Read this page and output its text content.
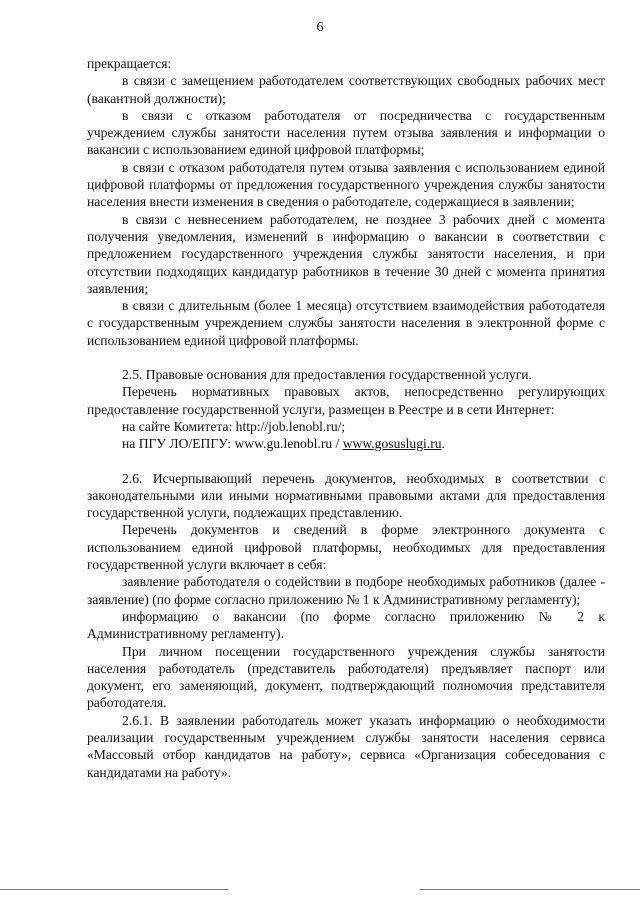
6

прекращается:

в связи с замещением работодателем соответствующих свободных рабочих мест (вакантной должности);

в связи с отказом работодателя от посредничества с государственным учреждением службы занятости населения путем отзыва заявления и информации о вакансии с использованием единой цифровой платформы;

в связи с отказом работодателя путем отзыва заявления с использованием единой цифровой платформы от предложения государственного учреждения службы занятости населения внести изменения в сведения о работодателе, содержащиеся в заявлении;

в связи с невнесением работодателем, не позднее 3 рабочих дней с момента получения уведомления, изменений в информацию о вакансии в соответствии с предложением государственного учреждения службы занятости населения, и при отсутствии подходящих кандидатур работников в течение 30 дней с момента принятия заявления;

в связи с длительным (более 1 месяца) отсутствием взаимодействия работодателя с государственным учреждением службы занятости населения в электронной форме с использованием единой цифровой платформы.

2.5. Правовые основания для предоставления государственной услуги.

Перечень нормативных правовых актов, непосредственно регулирующих предоставление государственной услуги, размещен в Реестре и в сети Интернет:

на сайте Комитета: http://job.lenobl.ru/;

на ПГУ ЛО/ЕПГУ: www.gu.lenobl.ru / www.gosuslugi.ru.

2.6. Исчерпывающий перечень документов, необходимых в соответствии с законодательными или иными нормативными правовыми актами для предоставления государственной услуги, подлежащих представлению.

Перечень документов и сведений в форме электронного документа с использованием единой цифровой платформы, необходимых для предоставления государственной услуги включает в себя:

заявление работодателя о содействии в подборе необходимых работников (далее - заявление) (по форме согласно приложению № 1 к Административному регламенту);

информацию о вакансии (по форме согласно приложению № 2 к Административному регламенту).

При личном посещении государственного учреждения службы занятости населения работодатель (представитель работодателя) предъявляет паспорт или документ, его заменяющий, документ, подтверждающий полномочия представителя работодателя.

2.6.1. В заявлении работодатель может указать информацию о необходимости реализации государственным учреждением службы занятости населения сервиса «Массовый отбор кандидатов на работу», сервиса «Организация собеседования с кандидатами на работу».
